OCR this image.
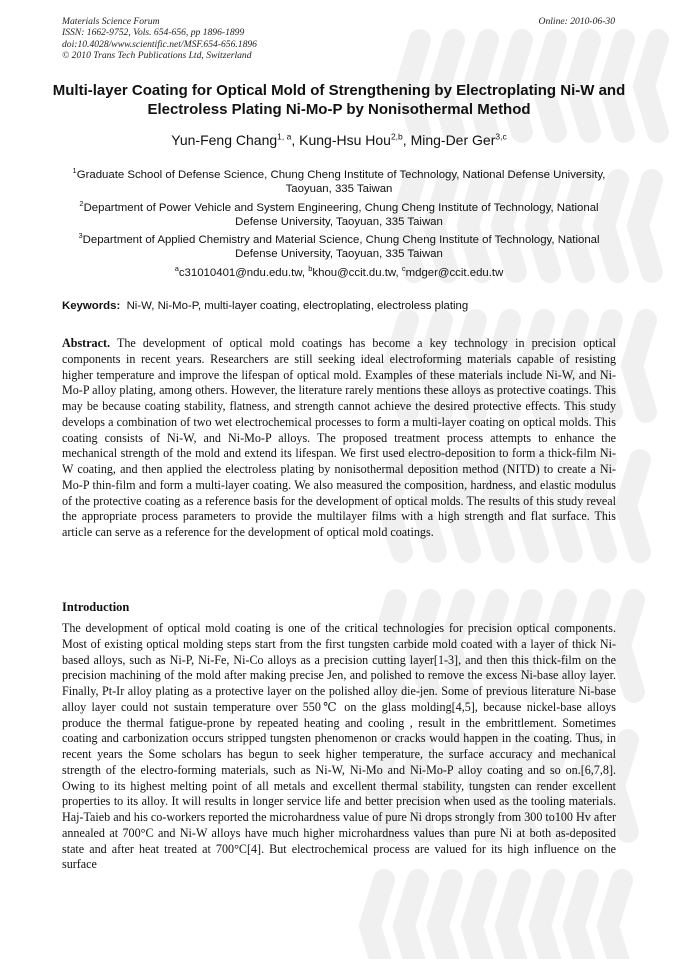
Materials Science Forum
ISSN: 1662-9752, Vols. 654-656, pp 1896-1899
doi:10.4028/www.scientific.net/MSF.654-656.1896
© 2010 Trans Tech Publications Ltd, Switzerland
Online: 2010-06-30
Multi-layer Coating for Optical Mold of Strengthening by Electroplating Ni-W and Electroless Plating Ni-Mo-P by Nonisothermal Method
Yun-Feng Chang$^{1, a}$, Kung-Hsu Hou$^{2,b}$, Ming-Der Ger$^{3,c}$

$^1$Graduate School of Defense Science, Chung Cheng Institute of Technology, National Defense University, Taoyuan, 335 Taiwan

$^2$Department of Power Vehicle and System Engineering, Chung Cheng Institute of Technology, National Defense University, Taoyuan, 335 Taiwan

$^3$Department of Applied Chemistry and Material Science, Chung Cheng Institute of Technology, National Defense University, Taoyuan, 335 Taiwan

$^a$c31010401@ndu.edu.tw, $^b$khou@ccit.du.tw, $^c$mdger@ccit.edu.tw
Keywords: Ni-W, Ni-Mo-P, multi-layer coating, electroplating, electroless plating

Abstract. The development of optical mold coatings has become a key technology in precision optical components in recent years. Researchers are still seeking ideal electroforming materials capable of resisting higher temperature and improve the lifespan of optical mold. Examples of these materials include Ni-W, and Ni-Mo-P alloy plating, among others. However, the literature rarely mentions these alloys as protective coatings. This may be because coating stability, flatness, and strength cannot achieve the desired protective effects. This study develops a combination of two wet electrochemical processes to form a multi-layer coating on optical molds. This coating consists of Ni-W, and Ni-Mo-P alloys. The proposed treatment process attempts to enhance the mechanical strength of the mold and extend its lifespan. We first used electro-deposition to form a thick-film Ni-W coating, and then applied the electroless plating by nonisothermal deposition method (NITD) to create a Ni-Mo-P thin-film and form a multi-layer coating. We also measured the composition, hardness, and elastic modulus of the protective coating as a reference basis for the development of optical molds. The results of this study reveal the appropriate process parameters to provide the multilayer films with a high strength and flat surface. This article can serve as a reference for the development of optical mold coatings.

Introduction

The development of optical mold coating is one of the critical technologies for precision optical components. Most of existing optical molding steps start from the first tungsten carbide mold coated with a layer of thick Ni-based alloys, such as Ni-P, Ni-Fe, Ni-Co alloys as a precision cutting layer[1-3], and then this thick-film on the precision machining of the mold after making precise Jen, and polished to remove the excess Ni-base alloy layer. Finally, Pt-Ir alloy plating as a protective layer on the polished alloy die-jen. Some of previous literature Ni-base alloy layer could not sustain temperature over 550℃ on the glass molding[4,5], because nickel-base alloys produce the thermal fatigue-prone by repeated heating and cooling , result in the embrittlement. Sometimes coating and carbonization occurs stripped tungsten phenomenon or cracks would happen in the coating. Thus, in recent years the Some scholars has begun to seek higher temperature, the surface accuracy and mechanical strength of the electro-forming materials, such as Ni-W, Ni-Mo and Ni-Mo-P alloy coating and so on.[6,7,8]. Owing to its highest melting point of all metals and excellent thermal stability, tungsten can render excellent properties to its alloy. It will results in longer service life and better precision when used as the tooling materials. Haj-Taieb and his co-workers reported the microhardness value of pure Ni drops strongly from 300 to100 Hv after annealed at 700°C and Ni-W alloys have much higher microhardness values than pure Ni at both as-deposited state and after heat treated at 700°C[4]. But electrochemical process are valued for its high influence on the surface
